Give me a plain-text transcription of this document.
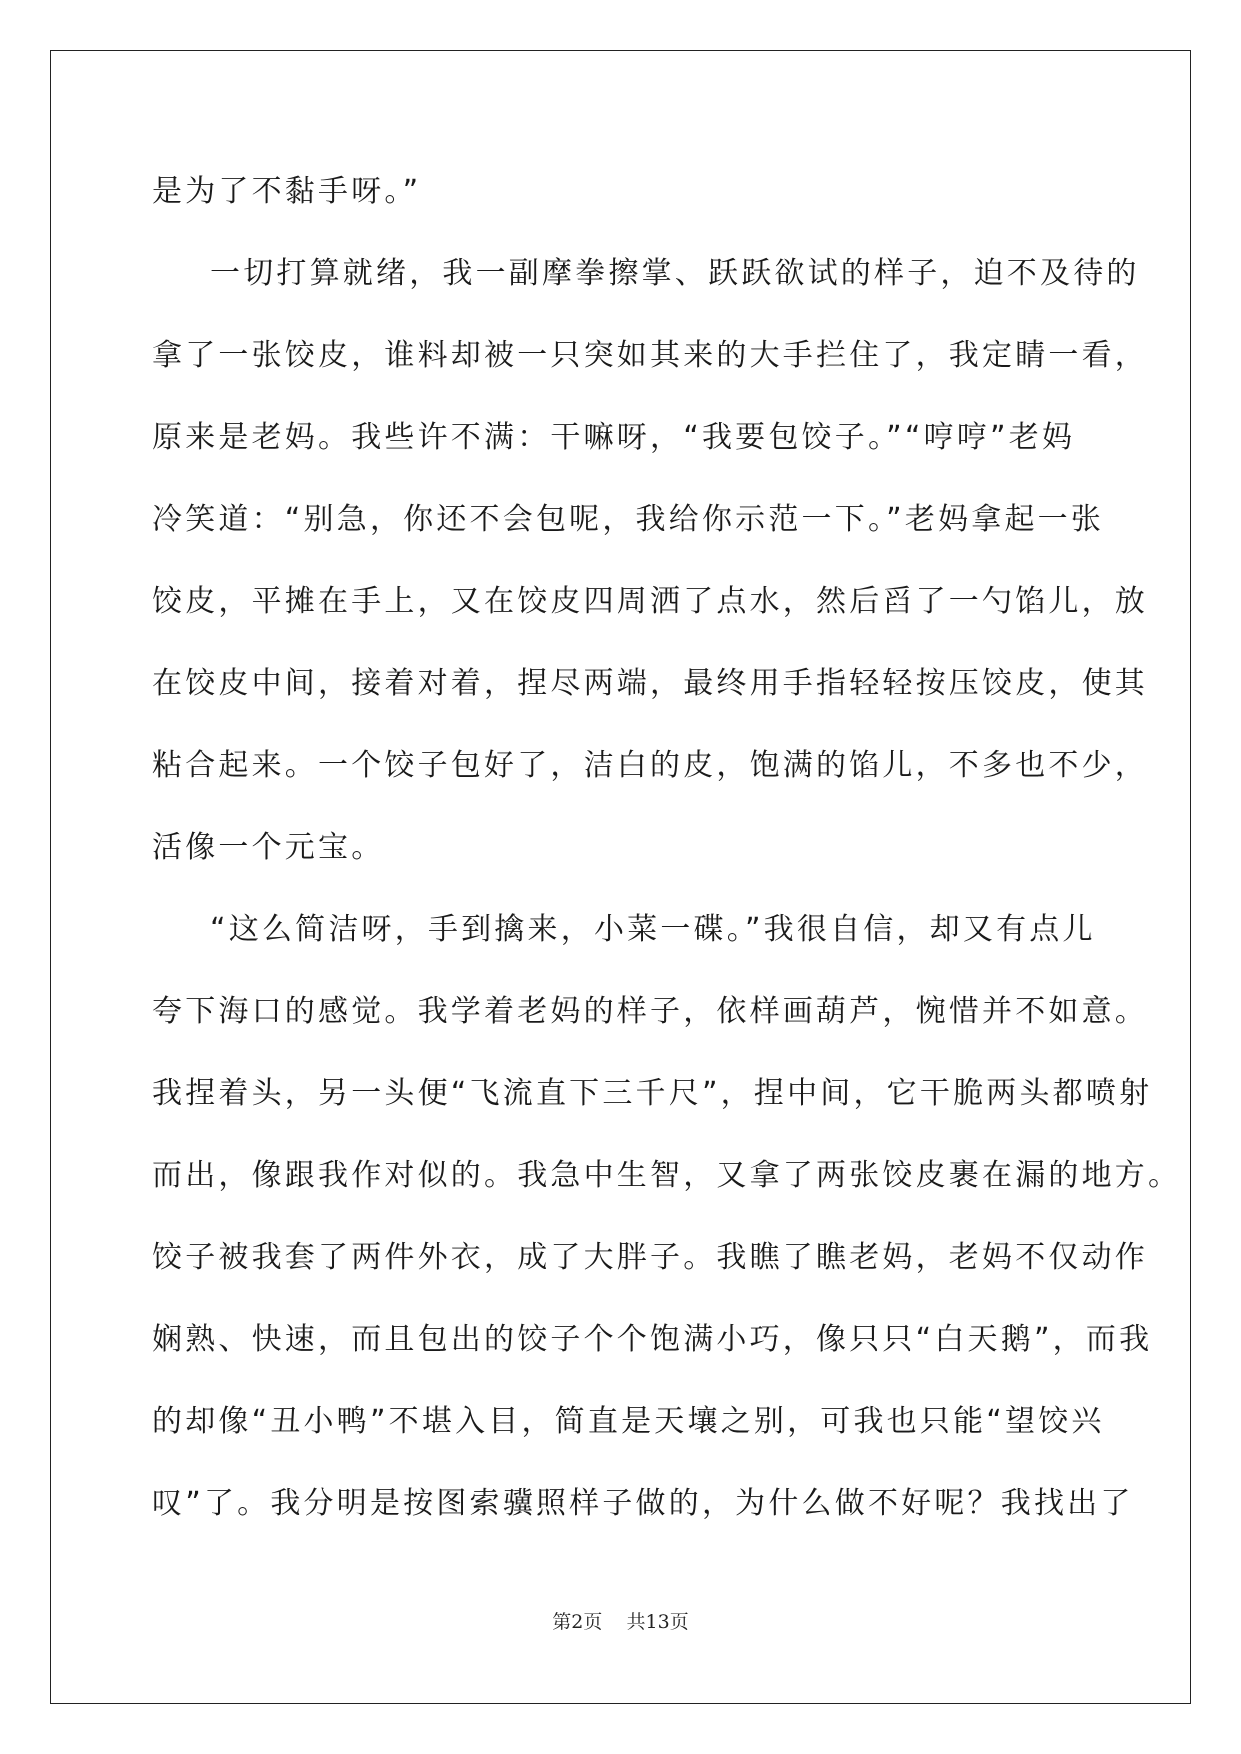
是为了不黏手呀。”
一切打算就绪，我一副摩拳擦掌、跃跃欲试的样子，迫不及待的
拿了一张饺皮，谁料却被一只突如其来的大手拦住了，我定睛一看，
原来是老妈。我些许不满：干嘛呀，“我要包饺子。”“哼哼”老妈
冷笑道：“别急，你还不会包呢，我给你示范一下。”老妈拿起一张
饺皮，平摊在手上，又在饺皮四周洒了点水，然后舀了一勺馅儿，放
在饺皮中间，接着对着，捏尽两端，最终用手指轻轻按压饺皮，使其
粘合起来。一个饺子包好了，洁白的皮，饱满的馅儿，不多也不少，
活像一个元宝。
“这么简洁呀，手到擒来，小菜一碟。”我很自信，却又有点儿
夸下海口的感觉。我学着老妈的样子，依样画葫芦，惋惜并不如意。
我捏着头，另一头便“飞流直下三千尺”，捏中间，它干脆两头都喷射
而出，像跟我作对似的。我急中生智，又拿了两张饺皮裹在漏的地方。
饺子被我套了两件外衣，成了大胖子。我瞧了瞧老妈，老妈不仅动作
娴熟、快速，而且包出的饺子个个饱满小巧，像只只“白天鹅”，而我
的却像“丑小鸭”不堪入目，简直是天壤之别，可我也只能“望饺兴
叹”了。我分明是按图索骥照样子做的，为什么做不好呢？我找出了
第2页 共13页
